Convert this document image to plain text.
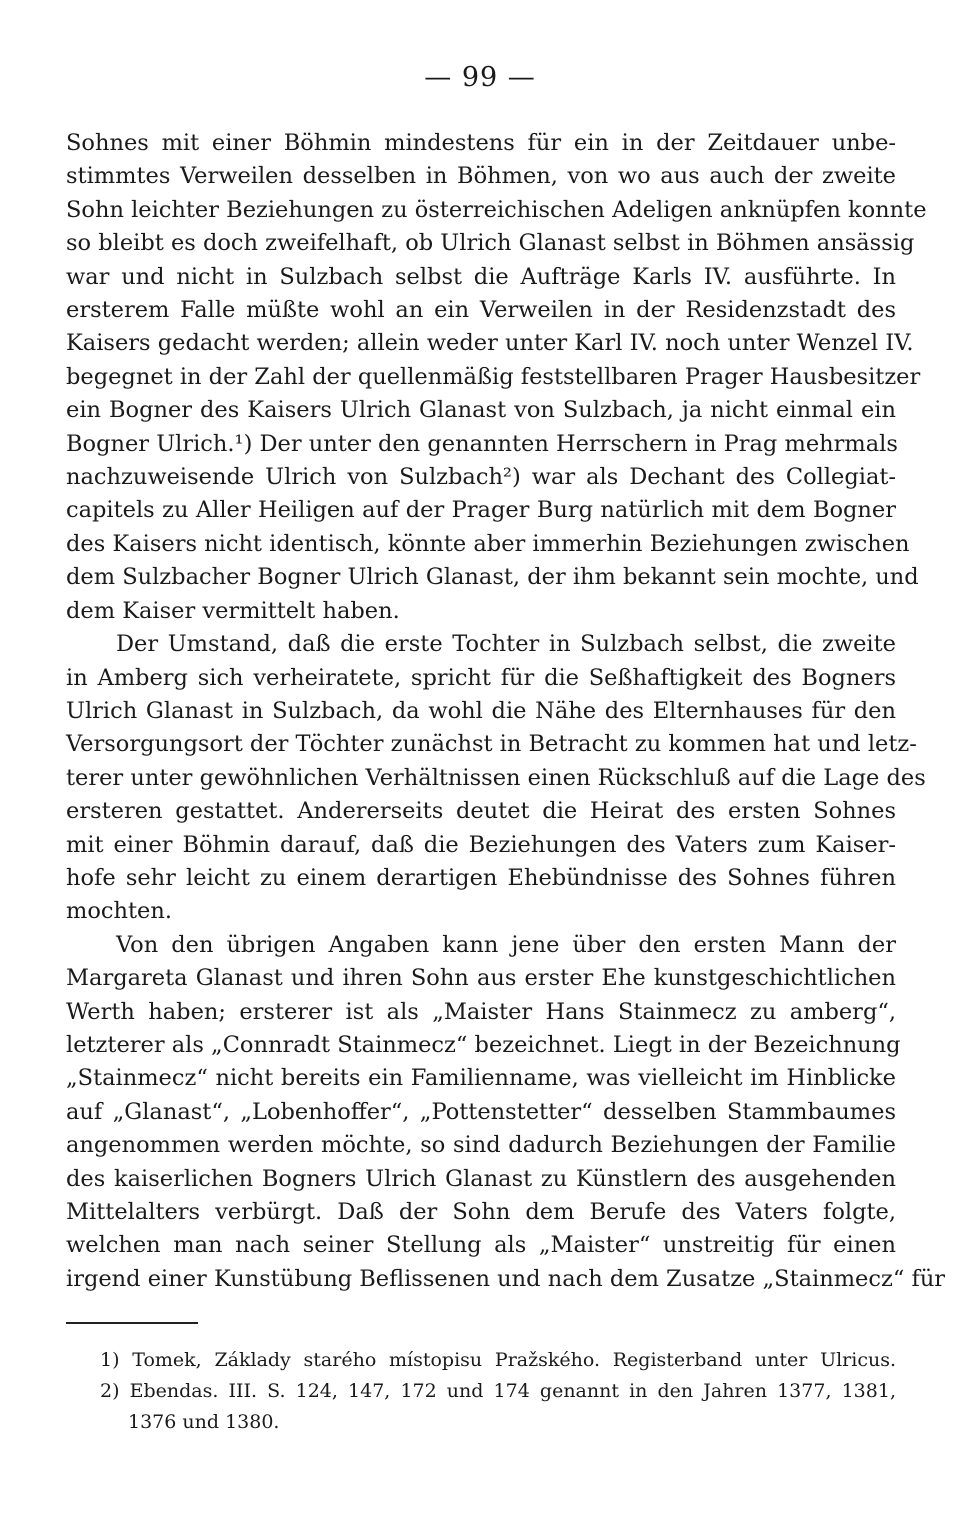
— 99 —
Sohnes mit einer Böhmin mindestens für ein in der Zeitdauer unbe-
stimmtes Verweilen desselben in Böhmen, von wo aus auch der zweite
Sohn leichter Beziehungen zu österreichischen Adeligen anknüpfen konnte
so bleibt es doch zweifelhaft, ob Ulrich Glanast selbst in Böhmen ansässig
war und nicht in Sulzbach selbst die Aufträge Karls IV. ausführte. In
ersterem Falle müßte wohl an ein Verweilen in der Residenzstadt des
Kaisers gedacht werden; allein weder unter Karl IV. noch unter Wenzel IV.
begegnet in der Zahl der quellenmäßig feststellbaren Prager Hausbesitzer
ein Bogner des Kaisers Ulrich Glanast von Sulzbach, ja nicht einmal ein
Bogner Ulrich.¹) Der unter den genannten Herrschern in Prag mehrmals
nachzuweisende Ulrich von Sulzbach²) war als Dechant des Collegiat-
capitels zu Aller Heiligen auf der Prager Burg natürlich mit dem Bogner
des Kaisers nicht identisch, könnte aber immerhin Beziehungen zwischen
dem Sulzbacher Bogner Ulrich Glanast, der ihm bekannt sein mochte, und
dem Kaiser vermittelt haben.
Der Umstand, daß die erste Tochter in Sulzbach selbst, die zweite
in Amberg sich verheiratete, spricht für die Seßhaftigkeit des Bogners
Ulrich Glanast in Sulzbach, da wohl die Nähe des Elternhauses für den
Versorgungsort der Töchter zunächst in Betracht zu kommen hat und letz-
terer unter gewöhnlichen Verhältnissen einen Rückschluß auf die Lage des
ersteren gestattet. Andererseits deutet die Heirat des ersten Sohnes
mit einer Böhmin darauf, daß die Beziehungen des Vaters zum Kaiser-
hofe sehr leicht zu einem derartigen Ehebündnisse des Sohnes führen
mochten.
Von den übrigen Angaben kann jene über den ersten Mann der
Margareta Glanast und ihren Sohn aus erster Ehe kunstgeschichtlichen
Werth haben; ersterer ist als „Maister Hans Stainmecz zu amberg“,
letzterer als „Connradt Stainmecz“ bezeichnet. Liegt in der Bezeichnung
„Stainmecz“ nicht bereits ein Familienname, was vielleicht im Hinblicke
auf „Glanast“, „Lobenhoffer“, „Pottenstetter“ desselben Stammbaumes
angenommen werden möchte, so sind dadurch Beziehungen der Familie
des kaiserlichen Bogners Ulrich Glanast zu Künstlern des ausgehenden
Mittelalters verbürgt. Daß der Sohn dem Berufe des Vaters folgte,
welchen man nach seiner Stellung als „Maister“ unstreitig für einen
irgend einer Kunstübung Beflissenen und nach dem Zusatze „Stainmecz“ für
1) Tomek, Základy starého místopisu Pražského. Registerband unter Ulricus.
2) Ebendas. III. S. 124, 147, 172 und 174 genannt in den Jahren 1377, 1381,
1376 und 1380.
